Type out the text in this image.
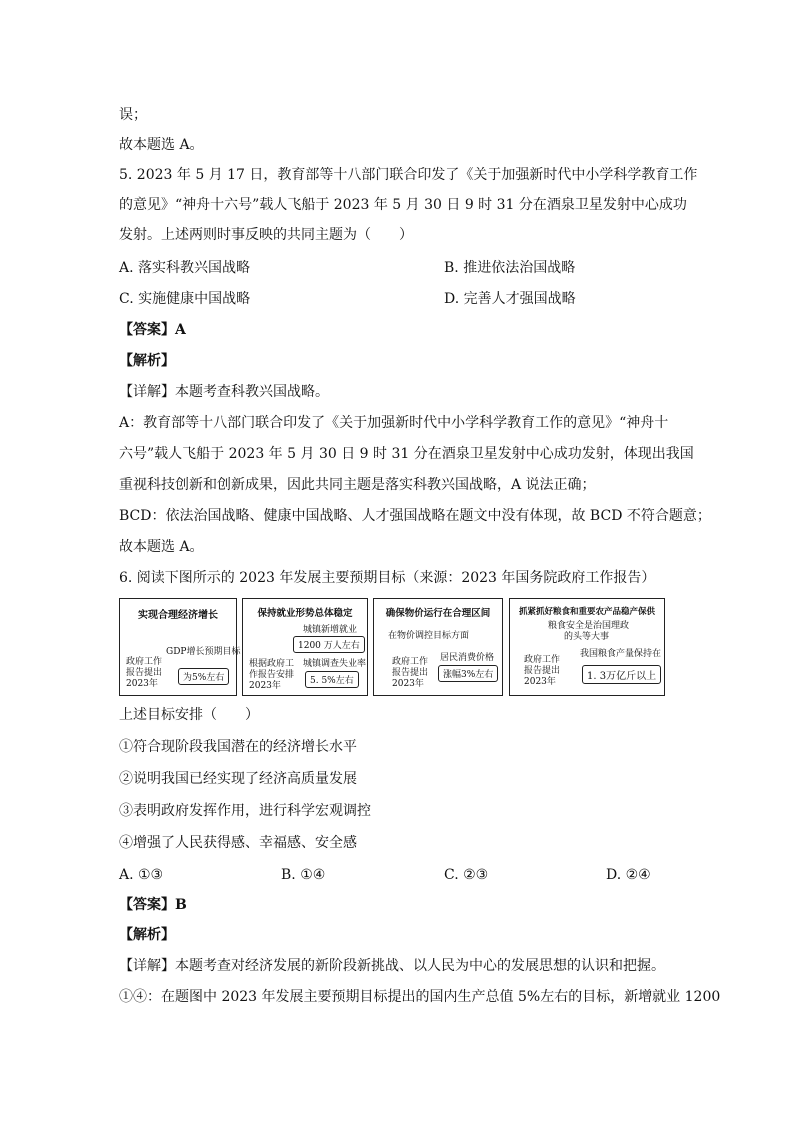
误；
故本题选 A。
5. 2023 年 5 月 17 日，教育部等十八部门联合印发了《关于加强新时代中小学科学教育工作
的意见》“神舟十六号”载人飞船于 2023 年 5 月 30 日 9 时 31 分在酒泉卫星发射中心成功
发射。上述两则时事反映的共同主题为（　　）
A. 落实科教兴国战略	B. 推进依法治国战略
C. 实施健康中国战略	D. 完善人才强国战略
【答案】A
【解析】
【详解】本题考查科教兴国战略。
A：教育部等十八部门联合印发了《关于加强新时代中小学科学教育工作的意见》“神舟十
六号”载人飞船于 2023 年 5 月 30 日 9 时 31 分在酒泉卫星发射中心成功发射，体现出我国
重视科技创新和创新成果，因此共同主题是落实科教兴国战略，A 说法正确；
BCD：依法治国战略、健康中国战略、人才强国战略在题文中没有体现，故 BCD 不符合题意；
故本题选 A。
6. 阅读下图所示的 2023 年发展主要预期目标（来源：2023 年国务院政府工作报告）
实现合理经济增长
GDP增长预期目标
政府工作
报告提出
2023年
为5%左右
保持就业形势总体稳定
城镇新增就业
1200 万人左右
根据政府工
作报告安排
2023年
城镇调查失业率
5. 5%左右
确保物价运行在合理区间
在物价调控目标方面
政府工作
报告提出
2023年
居民消费价格
涨幅3%左右
抓紧抓好粮食和重要农产品稳产保供
粮食安全是治国理政
的头等大事
政府工作
报告提出
2023年
我国粮食产量保持在
1. 3万亿斤以上
上述目标安排（　　）
①符合现阶段我国潜在的经济增长水平
②说明我国已经实现了经济高质量发展
③表明政府发挥作用，进行科学宏观调控
④增强了人民获得感、幸福感、安全感
A. ①③	B. ①④	C. ②③	D. ②④
【答案】B
【解析】
【详解】本题考查对经济发展的新阶段新挑战、以人民为中心的发展思想的认识和把握。
①④：在题图中 2023 年发展主要预期目标提出的国内生产总值 5%左右的目标，新增就业 1200
